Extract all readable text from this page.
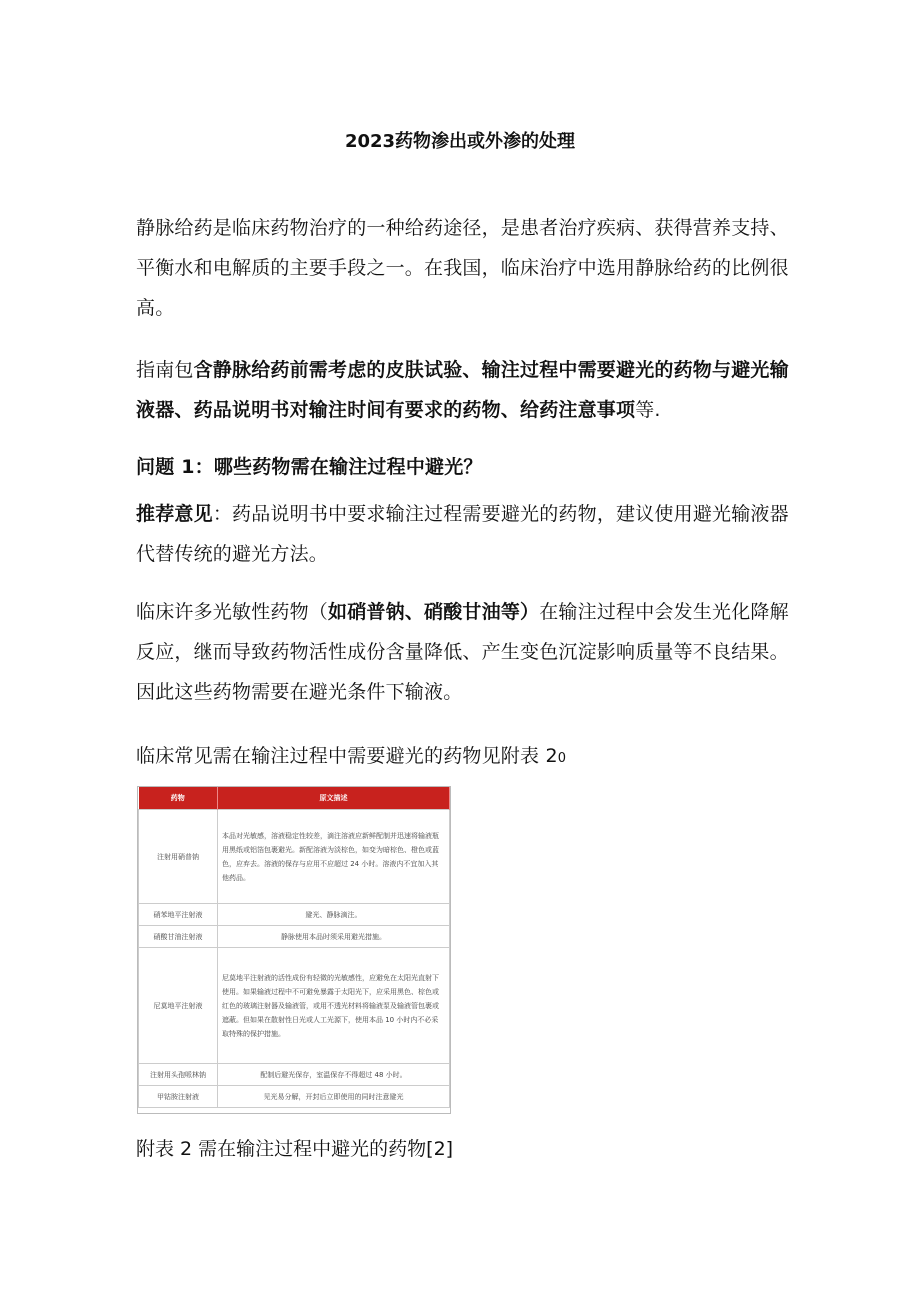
2023药物渗出或外渗的处理
静脉给药是临床药物治疗的一种给药途径，是患者治疗疾病、获得营养支持、平衡水和电解质的主要手段之一。在我国，临床治疗中选用静脉给药的比例很高。
指南包含静脉给药前需考虑的皮肤试验、输注过程中需要避光的药物与避光输液器、药品说明书对输注时间有要求的药物、给药注意事项等.
问题 1：哪些药物需在输注过程中避光？
推荐意见：药品说明书中要求输注过程需要避光的药物，建议使用避光输液器代替传统的避光方法。
临床许多光敏性药物（如硝普钠、硝酸甘油等）在输注过程中会发生光化降解反应，继而导致药物活性成份含量降低、产生变色沉淀影响质量等不良结果。因此这些药物需要在避光条件下输液。
临床常见需在输注过程中需要避光的药物见附表 20
药物	原文描述
注射用硝普钠	本品对光敏感，溶液稳定性较差，滴注溶液应新鲜配制并迅速将输液瓶用黑纸或铝箔包裹避光。新配溶液为淡棕色，如变为暗棕色、橙色或蓝色，应弃去。溶液的保存与应用不应超过 24 小时。溶液内不宜加入其他药品。
硝苯地平注射液	避光、静脉滴注。
硝酸甘油注射液	静脉使用本品时须采用避光措施。
尼莫地平注射液	尼莫地平注射液的活性成份有轻微的光敏感性，应避免在太阳光直射下使用。如果输液过程中不可避免暴露于太阳光下，应采用黑色、棕色或红色的玻璃注射器及输液管，或用不透光材料将输液泵及输液管包裹或遮蔽。但如果在散射性日光或人工光源下，使用本品 10 小时内不必采取特殊的保护措施。
注射用头孢哌林钠	配制后避光保存，室温保存不得超过 48 小时。
甲钴胺注射液	见光易分解，开封后立即使用的同时注意避光
附表 2 需在输注过程中避光的药物[2]
